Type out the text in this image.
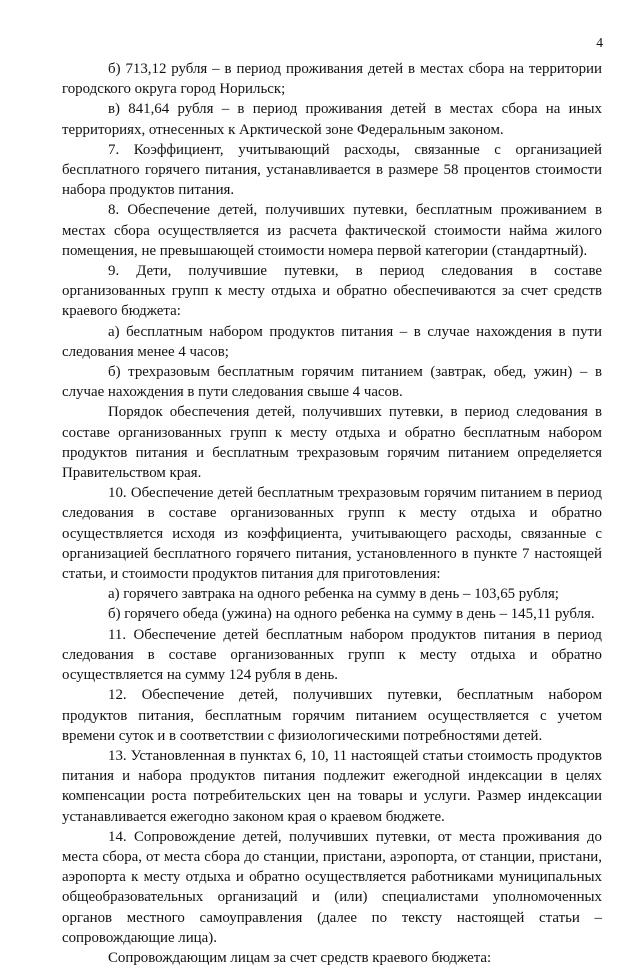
4

б) 713,12 рубля – в период проживания детей в местах сбора на территории городского округа город Норильск;

в) 841,64 рубля – в период проживания детей в местах сбора на иных территориях, отнесенных к Арктической зоне Федеральным законом.

7. Коэффициент, учитывающий расходы, связанные с организацией бесплатного горячего питания, устанавливается в размере 58 процентов стоимости набора продуктов питания.

8. Обеспечение детей, получивших путевки, бесплатным проживанием в местах сбора осуществляется из расчета фактической стоимости найма жилого помещения, не превышающей стоимости номера первой категории (стандартный).

9. Дети, получившие путевки, в период следования в составе организованных групп к месту отдыха и обратно обеспечиваются за счет средств краевого бюджета:

а) бесплатным набором продуктов питания – в случае нахождения в пути следования менее 4 часов;

б) трехразовым бесплатным горячим питанием (завтрак, обед, ужин) – в случае нахождения в пути следования свыше 4 часов.

Порядок обеспечения детей, получивших путевки, в период следования в составе организованных групп к месту отдыха и обратно бесплатным набором продуктов питания и бесплатным трехразовым горячим питанием определяется Правительством края.

10. Обеспечение детей бесплатным трехразовым горячим питанием в период следования в составе организованных групп к месту отдыха и обратно осуществляется исходя из коэффициента, учитывающего расходы, связанные с организацией бесплатного горячего питания, установленного в пункте 7 настоящей статьи, и стоимости продуктов питания для приготовления:

а) горячего завтрака на одного ребенка на сумму в день – 103,65 рубля;

б) горячего обеда (ужина) на одного ребенка на сумму в день – 145,11 рубля.

11. Обеспечение детей бесплатным набором продуктов питания в период следования в составе организованных групп к месту отдыха и обратно осуществляется на сумму 124 рубля в день.

12. Обеспечение детей, получивших путевки, бесплатным набором продуктов питания, бесплатным горячим питанием осуществляется с учетом времени суток и в соответствии с физиологическими потребностями детей.

13. Установленная в пунктах 6, 10, 11 настоящей статьи стоимость продуктов питания и набора продуктов питания подлежит ежегодной индексации в целях компенсации роста потребительских цен на товары и услуги. Размер индексации устанавливается ежегодно законом края о краевом бюджете.

14. Сопровождение детей, получивших путевки, от места проживания до места сбора, от места сбора до станции, пристани, аэропорта, от станции, пристани, аэропорта к месту отдыха и обратно осуществляется работниками муниципальных общеобразовательных организаций и (или) специалистами уполномоченных органов местного самоуправления (далее по тексту настоящей статьи – сопровождающие лица).

Сопровождающим лицам за счет средств краевого бюджета:
